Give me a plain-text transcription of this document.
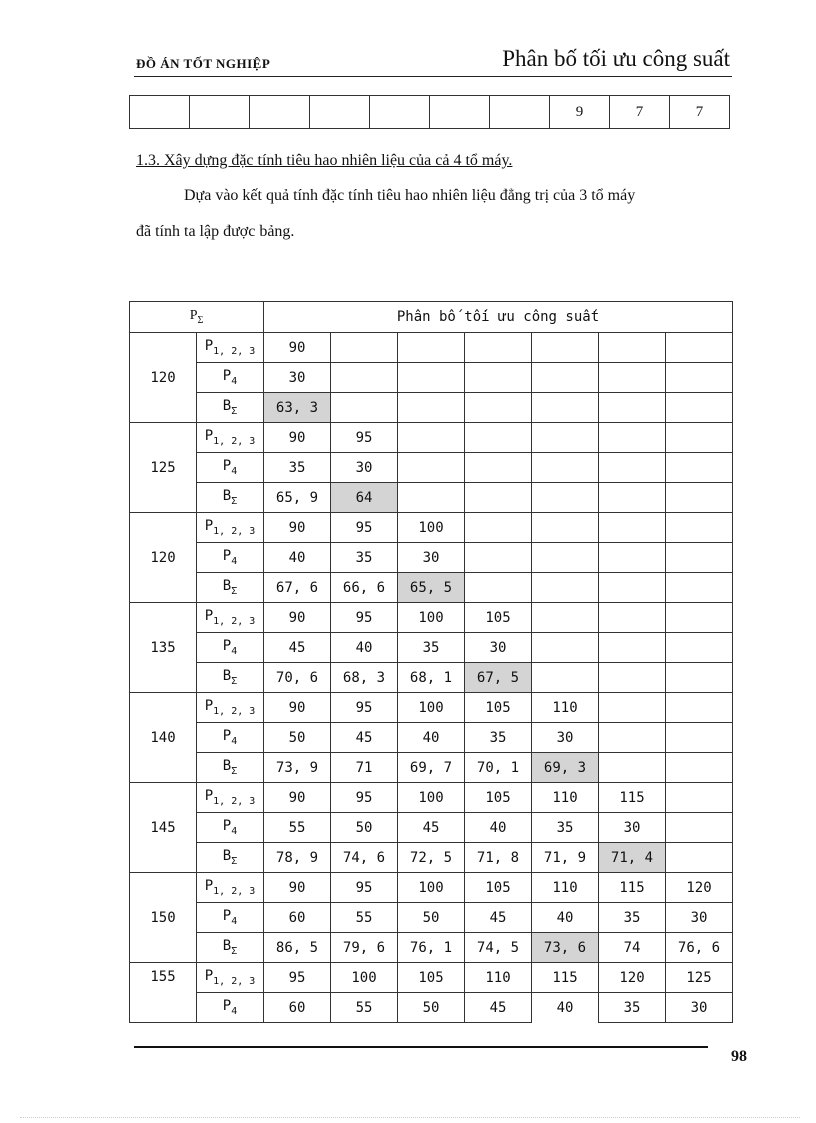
ĐỒ ÁN TỐT NGHIỆP	Phân bố tối ưu công suất
							9	7	7
1.3. Xây dựng đặc tính tiêu hao nhiên liệu của cả 4 tổ máy.
Dựa vào kết quả tính đặc tính tiêu hao nhiên liệu đẳng trị của 3 tổ máy
đã tính ta lập được bảng.
$P_\Sigma$		Phân bố tối ưu công suất						
120	$P_{1, 2, 3}$	90						
	$P_4$	30						
	$B_\Sigma$	63, 3						
125	$P_{1, 2, 3}$	90	95					
	$P_4$	35	30					
	$B_\Sigma$	65, 9	64					
120	$P_{1, 2, 3}$	90	95	100				
	$P_4$	40	35	30				
	$B_\Sigma$	67, 6	66, 6	65, 5				
135	$P_{1, 2, 3}$	90	95	100	105			
	$P_4$	45	40	35	30			
	$B_\Sigma$	70, 6	68, 3	68, 1	67, 5			
140	$P_{1, 2, 3}$	90	95	100	105	110		
	$P_4$	50	45	40	35	30		
	$B_\Sigma$	73, 9	71	69, 7	70, 1	69, 3		
145	$P_{1, 2, 3}$	90	95	100	105	110	115	
	$P_4$	55	50	45	40	35	30	
	$B_\Sigma$	78, 9	74, 6	72, 5	71, 8	71, 9	71, 4	
150	$P_{1, 2, 3}$	90	95	100	105	110	115	120
	$P_4$	60	55	50	45	40	35	30
	$B_\Sigma$	86, 5	79, 6	76, 1	74, 5	73, 6	74	76, 6
155	$P_{1, 2, 3}$	95	100	105	110	115	120	125
	$P_4$	60	55	50	45	40	35	30
98
